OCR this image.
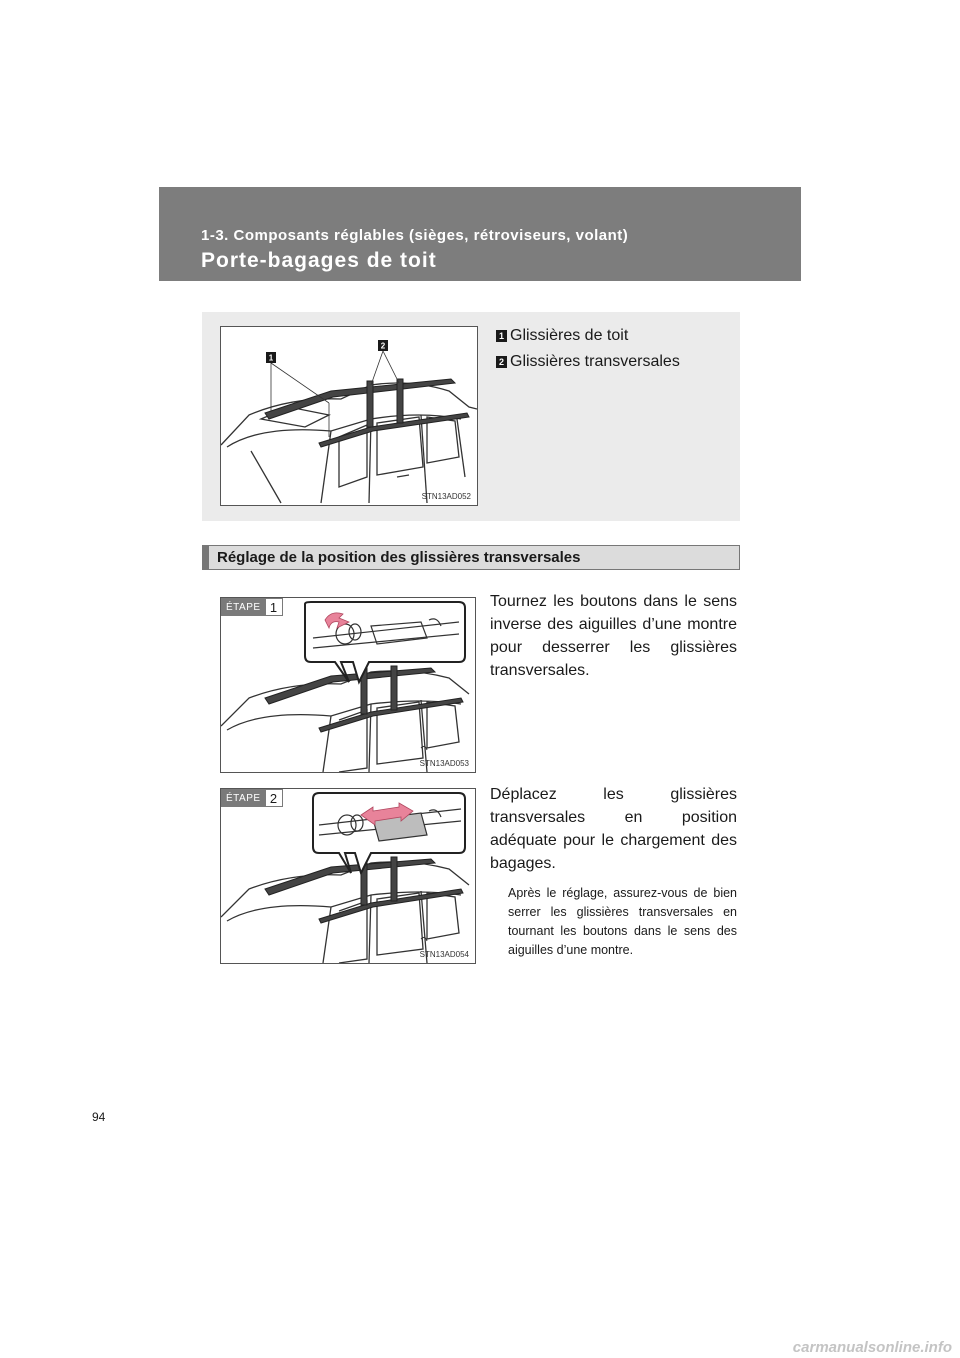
1-3. Composants réglables (sièges, rétroviseurs, volant)
Porte-bagages de toit
1
2
STN13AD052
1 Glissières de toit
2 Glissières transversales
Réglage de la position des glissières transversales
ÉTAPE 1
STN13AD053
Tournez les boutons dans le sens inverse des aiguilles d’une montre pour desserrer les glissières transversales.
ÉTAPE 2
STN13AD054
Déplacez les glissières transversales en position adéquate pour le chargement des bagages.
Après le réglage, assurez-vous de bien serrer les glissières transversales en tournant les boutons dans le sens des aiguilles d’une montre.
94
carmanualsonline.info
